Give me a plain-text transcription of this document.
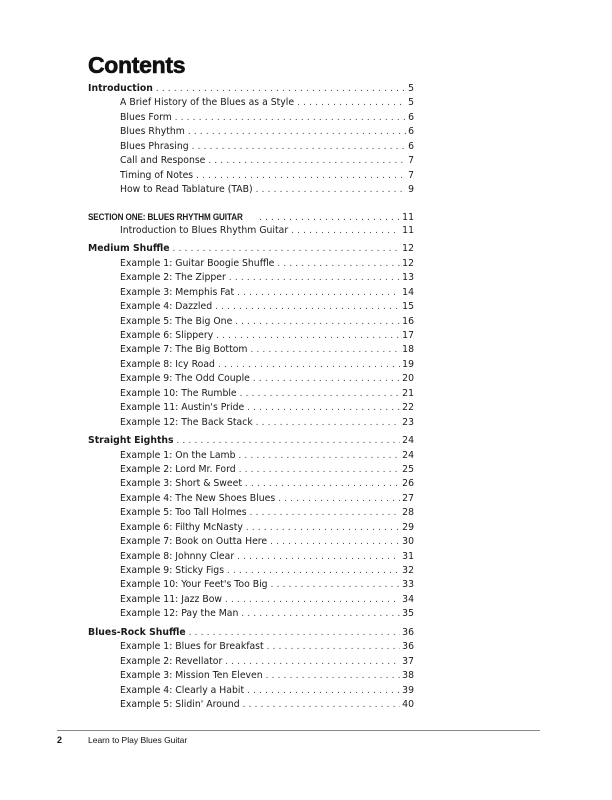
Contents
Introduction . . .	5
A Brief History of the Blues as a Style . . .	5
Blues Form . . .	6
Blues Rhythm . . .	6
Blues Phrasing . . .	6
Call and Response . . .	7
Timing of Notes . . .	7
How to Read Tablature (TAB) . . .	9
SECTION ONE: BLUES RHYTHM GUITAR . . .	11
Introduction to Blues Rhythm Guitar . . .	11
Medium Shuffle . . .	12
Example 1: Guitar Boogie Shuffle . . .	12
Example 2: The Zipper . . .	13
Example 3: Memphis Fat . . .	14
Example 4: Dazzled . . .	15
Example 5: The Big One . . .	16
Example 6: Slippery . . .	17
Example 7: The Big Bottom . . .	18
Example 8: Icy Road . . .	19
Example 9: The Odd Couple . . .	20
Example 10: The Rumble . . .	21
Example 11: Austin's Pride . . .	22
Example 12: The Back Stack . . .	23
Straight Eighths . . .	24
Example 1: On the Lamb . . .	24
Example 2: Lord Mr. Ford . . .	25
Example 3: Short & Sweet . . .	26
Example 4: The New Shoes Blues . . .	27
Example 5: Too Tall Holmes . . .	28
Example 6: Filthy McNasty . . .	29
Example 7: Book on Outta Here . . .	30
Example 8: Johnny Clear . . .	31
Example 9: Sticky Figs . . .	32
Example 10: Your Feet's Too Big . . .	33
Example 11: Jazz Bow . . .	34
Example 12: Pay the Man . . .	35
Blues-Rock Shuffle . . .	36
Example 1: Blues for Breakfast . . .	36
Example 2: Revellator . . .	37
Example 3: Mission Ten Eleven . . .	38
Example 4: Clearly a Habit . . .	39
Example 5: Slidin' Around . . .	40
2	Learn to Play Blues Guitar
